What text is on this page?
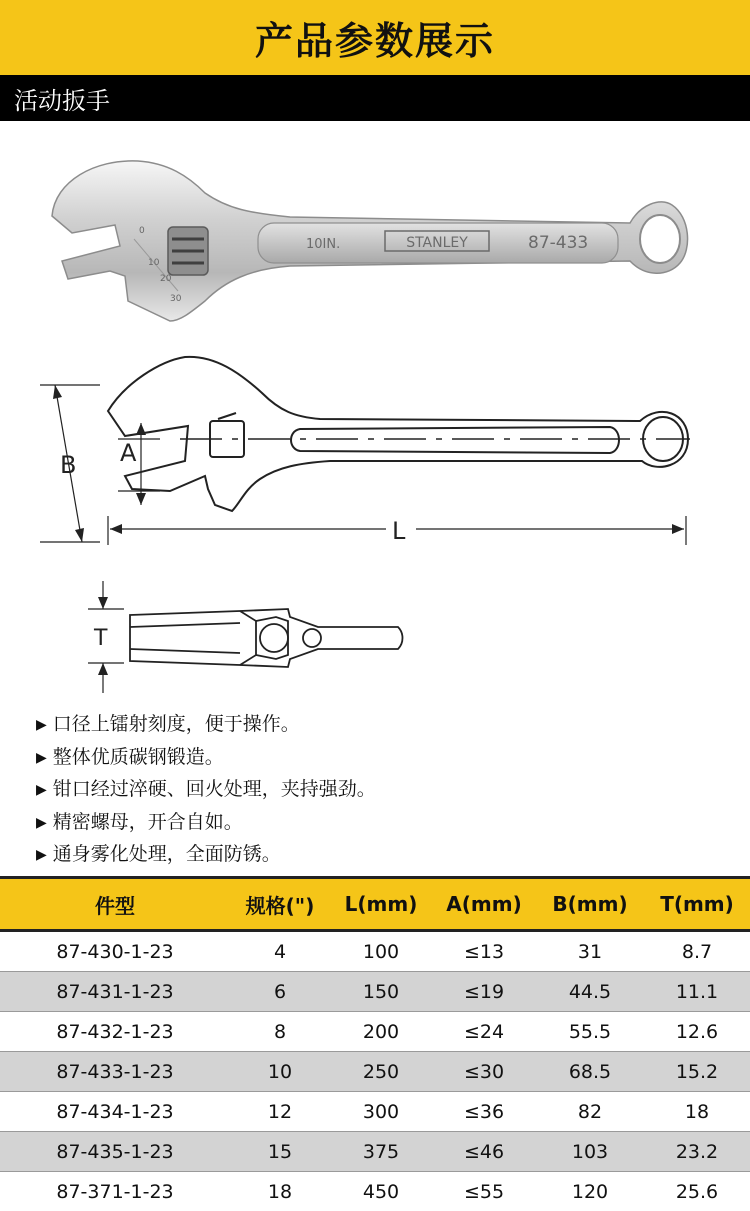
产品参数展示
活动扳手
0
10
20
30
10IN.	STANLEY	87-433
A
B
L
T
▶ 口径上镭射刻度，便于操作。
▶ 整体优质碳钢锻造。
▶ 钳口经过淬硬、回火处理，夹持强劲。
▶ 精密螺母，开合自如。
▶ 通身雾化处理，全面防锈。
件型	规格(")	L(mm)	A(mm)	B(mm)	T(mm)
87-430-1-23	4	100	≤13	31	8.7
87-431-1-23	6	150	≤19	44.5	11.1
87-432-1-23	8	200	≤24	55.5	12.6
87-433-1-23	10	250	≤30	68.5	15.2
87-434-1-23	12	300	≤36	82	18
87-435-1-23	15	375	≤46	103	23.2
87-371-1-23	18	450	≤55	120	25.6
